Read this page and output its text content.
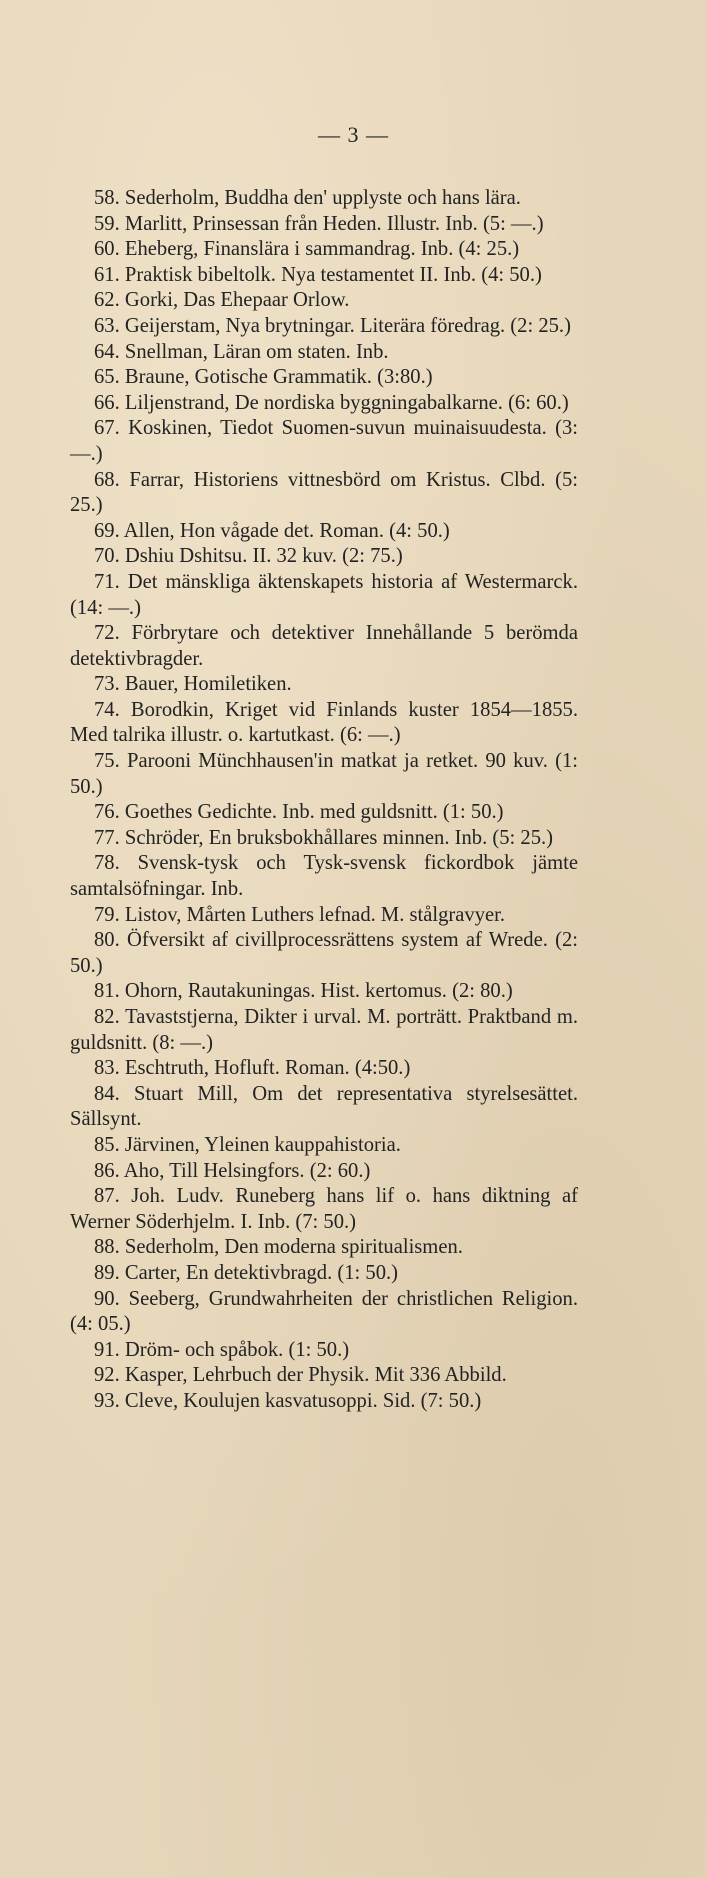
— 3 —

58. Sederholm, Buddha den' upplyste och hans lära.

59. Marlitt, Prinsessan från Heden. Illustr. Inb. (5: —.)

60. Eheberg, Finanslära i sammandrag. Inb. (4: 25.)

61. Praktisk bibeltolk. Nya testamentet II. Inb. (4: 50.)

62. Gorki, Das Ehepaar Orlow.

63. Geijerstam, Nya brytningar. Literära föredrag. (2: 25.)

64. Snellman, Läran om staten. Inb.

65. Braune, Gotische Grammatik. (3:80.)

66. Liljenstrand, De nordiska byggningabalkarne. (6: 60.)

67. Koskinen, Tiedot Suomen-suvun muinaisuudesta. (3: —.)

68. Farrar, Historiens vittnesbörd om Kristus. Clbd. (5: 25.)

69. Allen, Hon vågade det. Roman. (4: 50.)

70. Dshiu Dshitsu. II. 32 kuv. (2: 75.)

71. Det mänskliga äktenskapets historia af Westermarck. (14: —.)

72. Förbrytare och detektiver Innehållande 5 berömda detektivbragder.

73. Bauer, Homiletiken.

74. Borodkin, Kriget vid Finlands kuster 1854—1855. Med talrika illustr. o. kartutkast. (6: —.)

75. Parooni Münchhausen'in matkat ja retket. 90 kuv. (1: 50.)

76. Goethes Gedichte. Inb. med guldsnitt. (1: 50.)

77. Schröder, En bruksbokhållares minnen. Inb. (5: 25.)

78. Svensk-tysk och Tysk-svensk fickordbok jämte samtalsöfningar. Inb.

79. Listov, Mårten Luthers lefnad. M. stålgravyer.

80. Öfversikt af civillprocessrättens system af Wrede. (2: 50.)

81. Ohorn, Rautakuningas. Hist. kertomus. (2: 80.)

82. Tavaststjerna, Dikter i urval. M. porträtt. Praktband m. guldsnitt. (8: —.)

83. Eschtruth, Hofluft. Roman. (4:50.)

84. Stuart Mill, Om det representativa styrelsesättet. Sällsynt.

85. Järvinen, Yleinen kauppahistoria.

86. Aho, Till Helsingfors. (2: 60.)

87. Joh. Ludv. Runeberg hans lif o. hans diktning af Werner Söderhjelm. I. Inb. (7: 50.)

88. Sederholm, Den moderna spiritualismen.

89. Carter, En detektivbragd. (1: 50.)

90. Seeberg, Grundwahrheiten der christlichen Religion. (4: 05.)

91. Dröm- och spåbok. (1: 50.)

92. Kasper, Lehrbuch der Physik. Mit 336 Abbild.

93. Cleve, Koulujen kasvatusoppi. Sid. (7: 50.)
